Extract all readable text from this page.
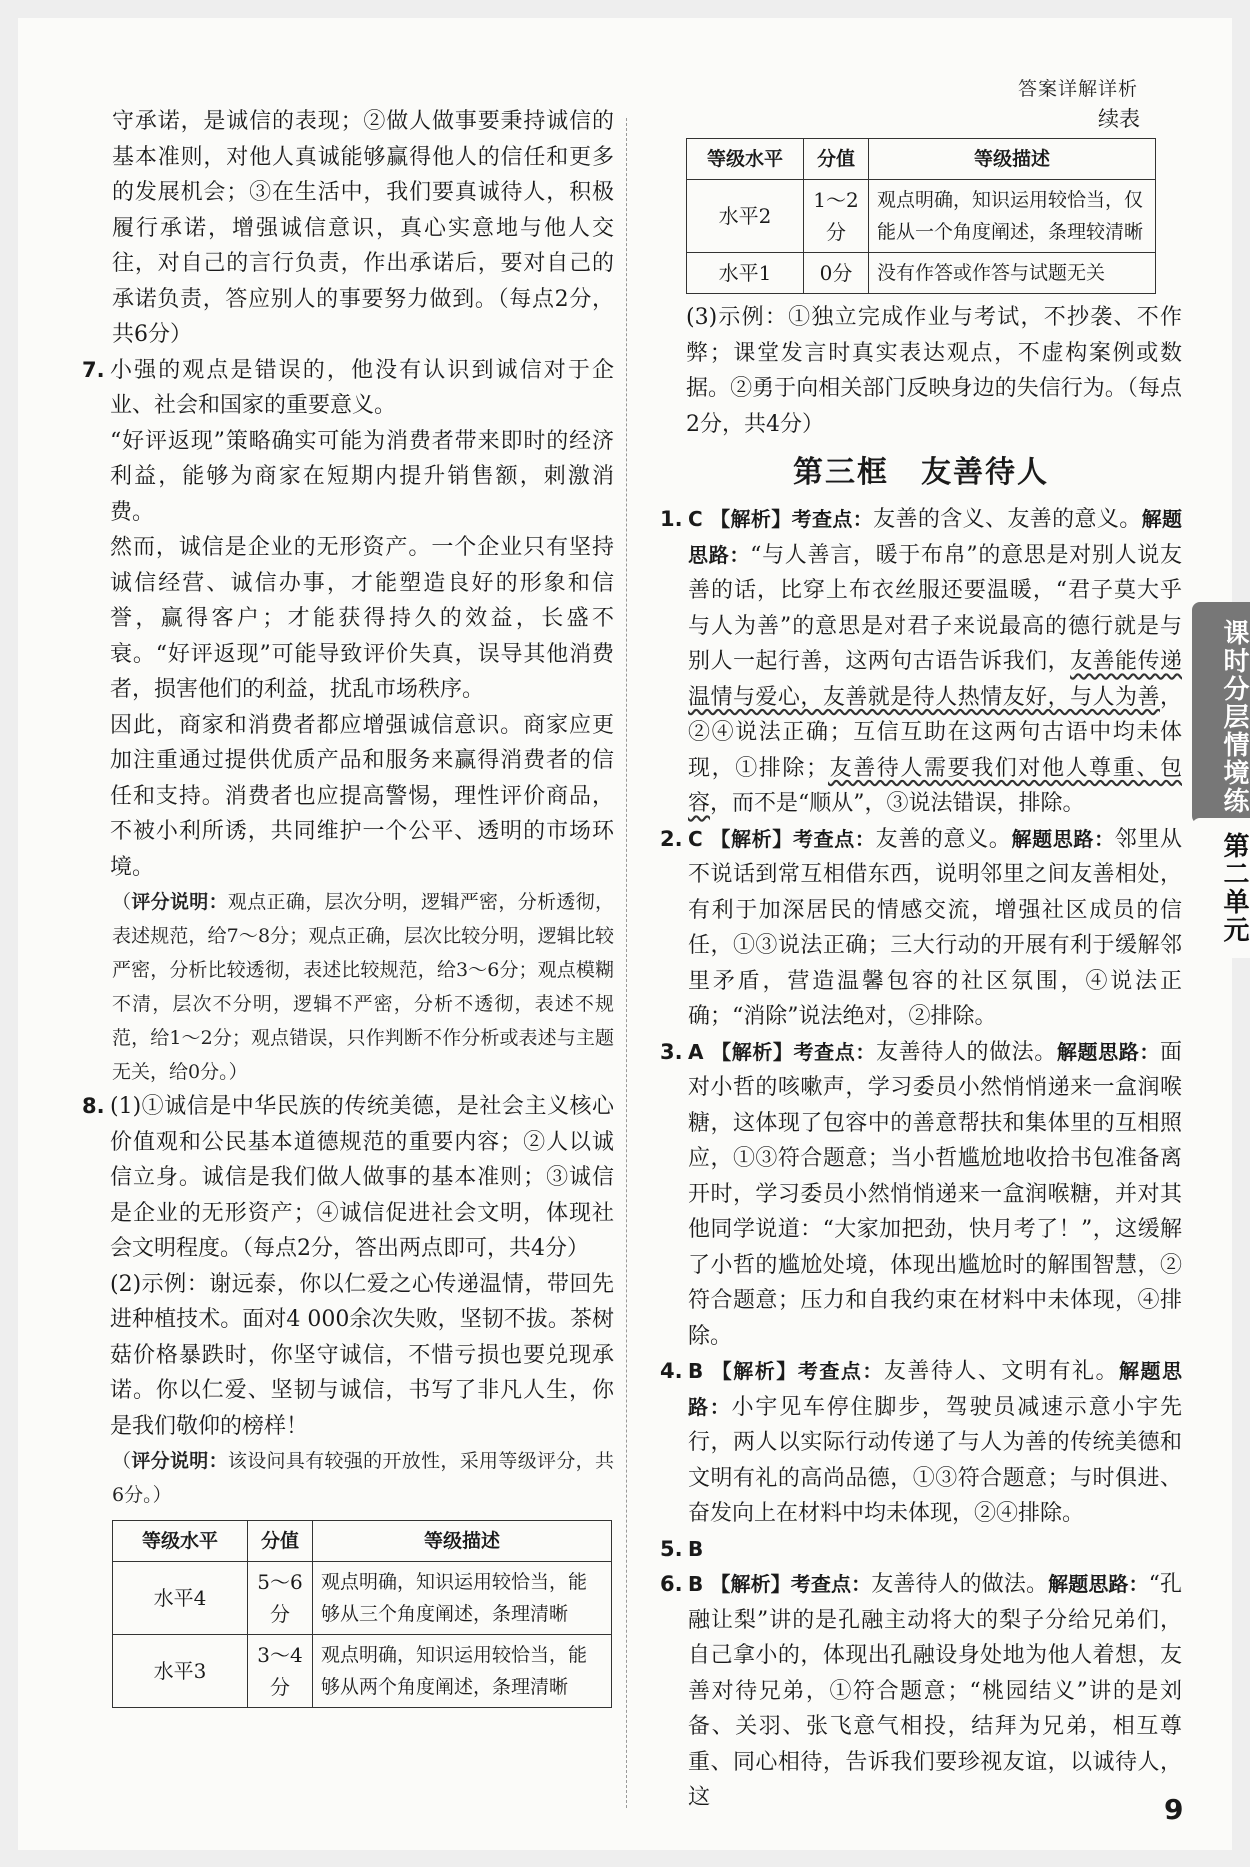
答案详解详析

守承诺，是诚信的表现；②做人做事要秉持诚信的基本准则，对他人真诚能够赢得他人的信任和更多的发展机会；③在生活中，我们要真诚待人，积极履行承诺，增强诚信意识，真心实意地与他人交往，对自己的言行负责，作出承诺后，要对自己的承诺负责，答应别人的事要努力做到。（每点2分，共6分）

7. 小强的观点是错误的，他没有认识到诚信对于企业、社会和国家的重要意义。

“好评返现”策略确实可能为消费者带来即时的经济利益，能够为商家在短期内提升销售额，刺激消费。

然而，诚信是企业的无形资产。一个企业只有坚持诚信经营、诚信办事，才能塑造良好的形象和信誉，赢得客户；才能获得持久的效益，长盛不衰。“好评返现”可能导致评价失真，误导其他消费者，损害他们的利益，扰乱市场秩序。

因此，商家和消费者都应增强诚信意识。商家应更加注重通过提供优质产品和服务来赢得消费者的信任和支持。消费者也应提高警惕，理性评价商品，不被小利所诱，共同维护一个公平、透明的市场环境。

（评分说明：观点正确，层次分明，逻辑严密，分析透彻，表述规范，给7～8分；观点正确，层次比较分明，逻辑比较严密，分析比较透彻，表述比较规范，给3～6分；观点模糊不清，层次不分明，逻辑不严密，分析不透彻，表述不规范，给1～2分；观点错误，只作判断不作分析或表述与主题无关，给0分。）

8. (1)①诚信是中华民族的传统美德，是社会主义核心价值观和公民基本道德规范的重要内容；②人以诚信立身。诚信是我们做人做事的基本准则；③诚信是企业的无形资产；④诚信促进社会文明，体现社会文明程度。（每点2分，答出两点即可，共4分）

(2)示例：谢远泰，你以仁爱之心传递温情，带回先进种植技术。面对4 000余次失败，坚韧不拔。茶树菇价格暴跌时，你坚守诚信，不惜亏损也要兑现承诺。你以仁爱、坚韧与诚信，书写了非凡人生，你是我们敬仰的榜样！

（评分说明：该设问具有较强的开放性，采用等级评分，共6分。）

等级水平	分值	等级描述
水平4	5～6分	观点明确，知识运用较恰当，能够从三个角度阐述，条理清晰
水平3	3～4分	观点明确，知识运用较恰当，能够从两个角度阐述，条理清晰
续表
等级水平	分值	等级描述
水平2	1～2分	观点明确，知识运用较恰当，仅能从一个角度阐述，条理较清晰
水平1	0分	没有作答或作答与试题无关

(3)示例：①独立完成作业与考试，不抄袭、不作弊；课堂发言时真实表达观点，不虚构案例或数据。②勇于向相关部门反映身边的失信行为。（每点2分，共4分）

第三框　友善待人
1. C 【解析】考查点：友善的含义、友善的意义。解题思路：“与人善言，暖于布帛”的意思是对别人说友善的话，比穿上布衣丝服还要温暖，“君子莫大乎与人为善”的意思是对君子来说最高的德行就是与别人一起行善，这两句古语告诉我们，友善能传递温情与爱心，友善就是待人热情友好，与人为善，②④说法正确；互信互助在这两句古语中均未体现，①排除；友善待人需要我们对他人尊重、包容，而不是“顺从”，③说法错误，排除。
2. C 【解析】考查点：友善的意义。解题思路：邻里从不说话到常互相借东西，说明邻里之间友善相处，有利于加深居民的情感交流，增强社区成员的信任，①③说法正确；三大行动的开展有利于缓解邻里矛盾，营造温馨包容的社区氛围，④说法正确；“消除”说法绝对，②排除。
3. A 【解析】考查点：友善待人的做法。解题思路：面对小哲的咳嗽声，学习委员小然悄悄递来一盒润喉糖，这体现了包容中的善意帮扶和集体里的互相照应，①③符合题意；当小哲尴尬地收拾书包准备离开时，学习委员小然悄悄递来一盒润喉糖，并对其他同学说道：“大家加把劲，快月考了！”，这缓解了小哲的尴尬处境，体现出尴尬时的解围智慧，②符合题意；压力和自我约束在材料中未体现，④排除。
4. B 【解析】考查点：友善待人、文明有礼。解题思路：小宇见车停住脚步，驾驶员减速示意小宇先行，两人以实际行动传递了与人为善的传统美德和文明有礼的高尚品德，①③符合题意；与时俱进、奋发向上在材料中均未体现，②④排除。
5. B
6. B 【解析】考查点：友善待人的做法。解题思路：“孔融让梨”讲的是孔融主动将大的梨子分给兄弟们，自己拿小的，体现出孔融设身处地为他人着想，友善对待兄弟，①符合题意；“桃园结义”讲的是刘备、关羽、张飞意气相投，结拜为兄弟，相互尊重、同心相待，告诉我们要珍视友谊，以诚待人，这
课时分层情境练
第二单元
9
